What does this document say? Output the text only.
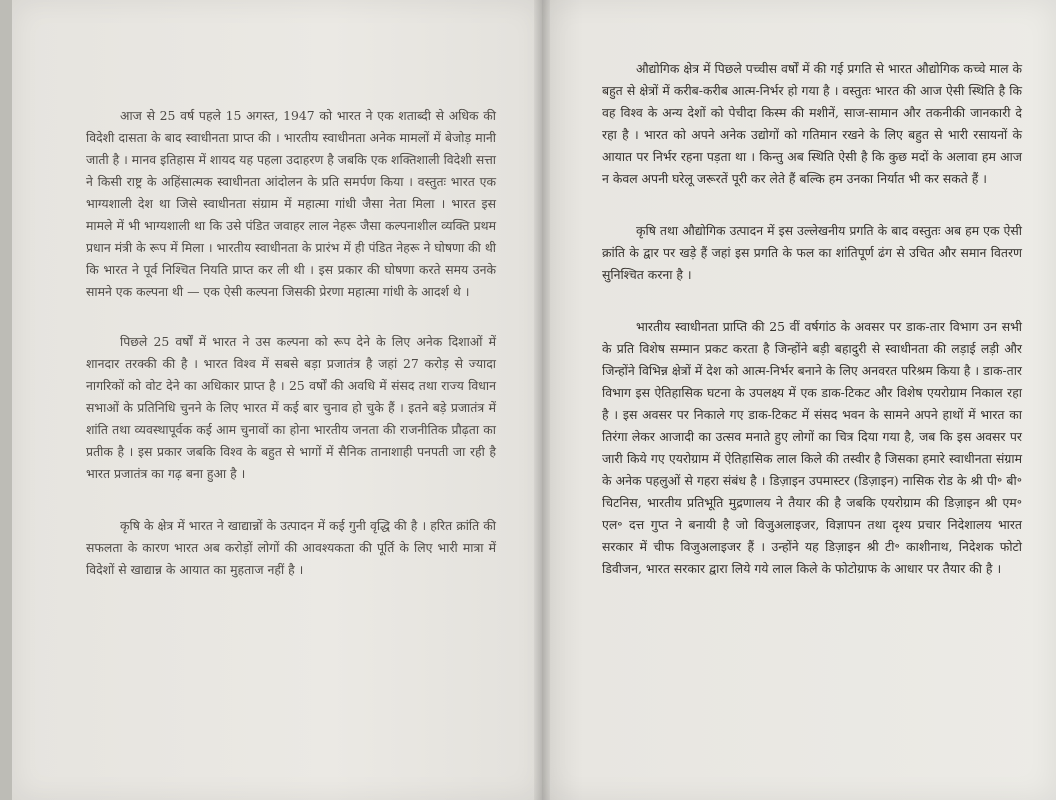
आज से 25 वर्ष पहले 15 अगस्त, 1947 को भारत ने एक शताब्दी से अधिक की विदेशी दासता के बाद स्वाधीनता प्राप्त की । भारतीय स्वाधीनता अनेक मामलों में बेजोड़ मानी जाती है । मानव इतिहास में शायद यह पहला उदाहरण है जबकि एक शक्तिशाली विदेशी सत्ता ने किसी राष्ट्र के अहिंसात्मक स्वाधीनता आंदोलन के प्रति समर्पण किया । वस्तुतः भारत एक भाग्यशाली देश था जिसे स्वाधीनता संग्राम में महात्मा गांधी जैसा नेता मिला । भारत इस मामले में भी भाग्यशाली था कि उसे पंडित जवाहर लाल नेहरू जैसा कल्पनाशील व्यक्ति प्रथम प्रधान मंत्री के रूप में मिला । भारतीय स्वाधीनता के प्रारंभ में ही पंडित नेहरू ने घोषणा की थी कि भारत ने पूर्व निश्चित नियति प्राप्त कर ली थी । इस प्रकार की घोषणा करते समय उनके सामने एक कल्पना थी — एक ऐसी कल्पना जिसकी प्रेरणा महात्मा गांधी के आदर्श थे ।

पिछले 25 वर्षों में भारत ने उस कल्पना को रूप देने के लिए अनेक दिशाओं में शानदार तरक्की की है । भारत विश्व में सबसे बड़ा प्रजातंत्र है जहां 27 करोड़ से ज्यादा नागरिकों को वोट देने का अधिकार प्राप्त है । 25 वर्षों की अवधि में संसद तथा राज्य विधान सभाओं के प्रतिनिधि चुनने के लिए भारत में कई बार चुनाव हो चुके हैं । इतने बड़े प्रजातंत्र में शांति तथा व्यवस्थापूर्वक कई आम चुनावों का होना भारतीय जनता की राजनीतिक प्रौढ़ता का प्रतीक है । इस प्रकार जबकि विश्व के बहुत से भागों में सैनिक तानाशाही पनपती जा रही है भारत प्रजातंत्र का गढ़ बना हुआ है ।

कृषि के क्षेत्र में भारत ने खाद्यान्नों के उत्पादन में कई गुनी वृद्धि की है । हरित क्रांति की सफलता के कारण भारत अब करोड़ों लोगों की आवश्यकता की पूर्ति के लिए भारी मात्रा में विदेशों से खाद्यान्न के आयात का मुहताज नहीं है ।

औद्योगिक क्षेत्र में पिछले पच्चीस वर्षों में की गई प्रगति से भारत औद्योगिक कच्चे माल के बहुत से क्षेत्रों में करीब-करीब आत्म-निर्भर हो गया है । वस्तुतः भारत की आज ऐसी स्थिति है कि वह विश्व के अन्य देशों को पेचीदा किस्म की मशीनें, साज-सामान और तकनीकी जानकारी दे रहा है । भारत को अपने अनेक उद्योगों को गतिमान रखने के लिए बहुत से भारी रसायनों के आयात पर निर्भर रहना पड़ता था । किन्तु अब स्थिति ऐसी है कि कुछ मदों के अलावा हम आज न केवल अपनी घरेलू जरूरतें पूरी कर लेते हैं बल्कि हम उनका निर्यात भी कर सकते हैं ।

कृषि तथा औद्योगिक उत्पादन में इस उल्लेखनीय प्रगति के बाद वस्तुतः अब हम एक ऐसी क्रांति के द्वार पर खड़े हैं जहां इस प्रगति के फल का शांतिपूर्ण ढंग से उचित और समान वितरण सुनिश्चित करना है ।

भारतीय स्वाधीनता प्राप्ति की 25 वीं वर्षगांठ के अवसर पर डाक-तार विभाग उन सभी के प्रति विशेष सम्मान प्रकट करता है जिन्होंने बड़ी बहादुरी से स्वाधीनता की लड़ाई लड़ी और जिन्होंने विभिन्न क्षेत्रों में देश को आत्म-निर्भर बनाने के लिए अनवरत परिश्रम किया है । डाक-तार विभाग इस ऐतिहासिक घटना के उपलक्ष्य में एक डाक-टिकट और विशेष एयरोग्राम निकाल रहा है । इस अवसर पर निकाले गए डाक-टिकट में संसद भवन के सामने अपने हाथों में भारत का तिरंगा लेकर आजादी का उत्सव मनाते हुए लोगों का चित्र दिया गया है, जब कि इस अवसर पर जारी किये गए एयरोग्राम में ऐतिहासिक लाल किले की तस्वीर है जिसका हमारे स्वाधीनता संग्राम के अनेक पहलुओं से गहरा संबंध है । डिज़ाइन उपमास्टर (डिज़ाइन) नासिक रोड के श्री पी॰ बी॰ चिटनिस, भारतीय प्रतिभूति मुद्रणालय ने तैयार की है जबकि एयरोग्राम की डिज़ाइन श्री एम॰ एल॰ दत्त गुप्त ने बनायी है जो विजुअलाइजर, विज्ञापन तथा दृश्य प्रचार निदेशालय भारत सरकार में चीफ विजुअलाइजर हैं । उन्होंने यह डिज़ाइन श्री टी॰ काशीनाथ, निदेशक फोटो डिवीजन, भारत सरकार द्वारा लिये गये लाल किले के फोटोग्राफ के आधार पर तैयार की है ।
